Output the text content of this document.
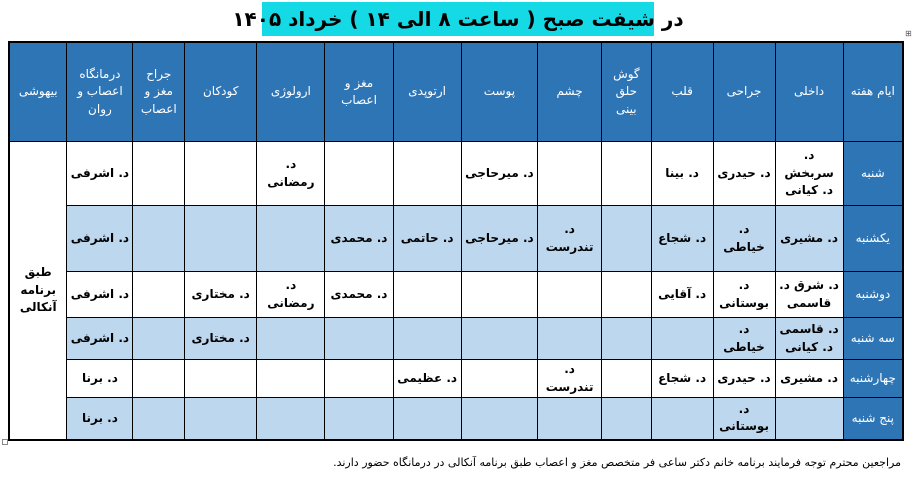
در شیفت صبح ( ساعت ۸ الی ۱۴ ) خرداد ۱۴۰۵
⊞
ایام هفته	داخلی	جراحی	قلب	گوش حلق بینی	چشم	پوست	ارتوپدی	مغز و اعصاب	ارولوژی	کودکان	جراح مغز و اعصاب	درمانگاه اعصاب و روان	بیهوشی
شنبه	د. سربخش د. کیانی	د. حیدری	د. بینا			د. میرحاجی			د. رمضانی			د. اشرفی	طبق برنامه آنکالی
یکشنبه	د. مشیری	د. خیاطی	د. شجاع		د. تندرست	د. میرحاجی	د. حاتمی	د. محمدی				د. اشرفی	
دوشنبه	د. شرق د. قاسمی	د. بوستانی	د. آقایی					د. محمدی	د. رمضانی	د. مختاری		د. اشرفی	
سه شنبه	د. قاسمی د. کیانی	د. خیاطی								د. مختاری		د. اشرفی	
چهارشنبه	د. مشیری	د. حیدری	د. شجاع		د. تندرست		د. عظیمی					د. برنا	
پنج شنبه		د. بوستانی										د. برنا	
مراجعین محترم توجه فرمایند برنامه خانم دکتر ساعی فر متخصص مغز و اعصاب طبق برنامه آنکالی در درمانگاه حضور دارند.
